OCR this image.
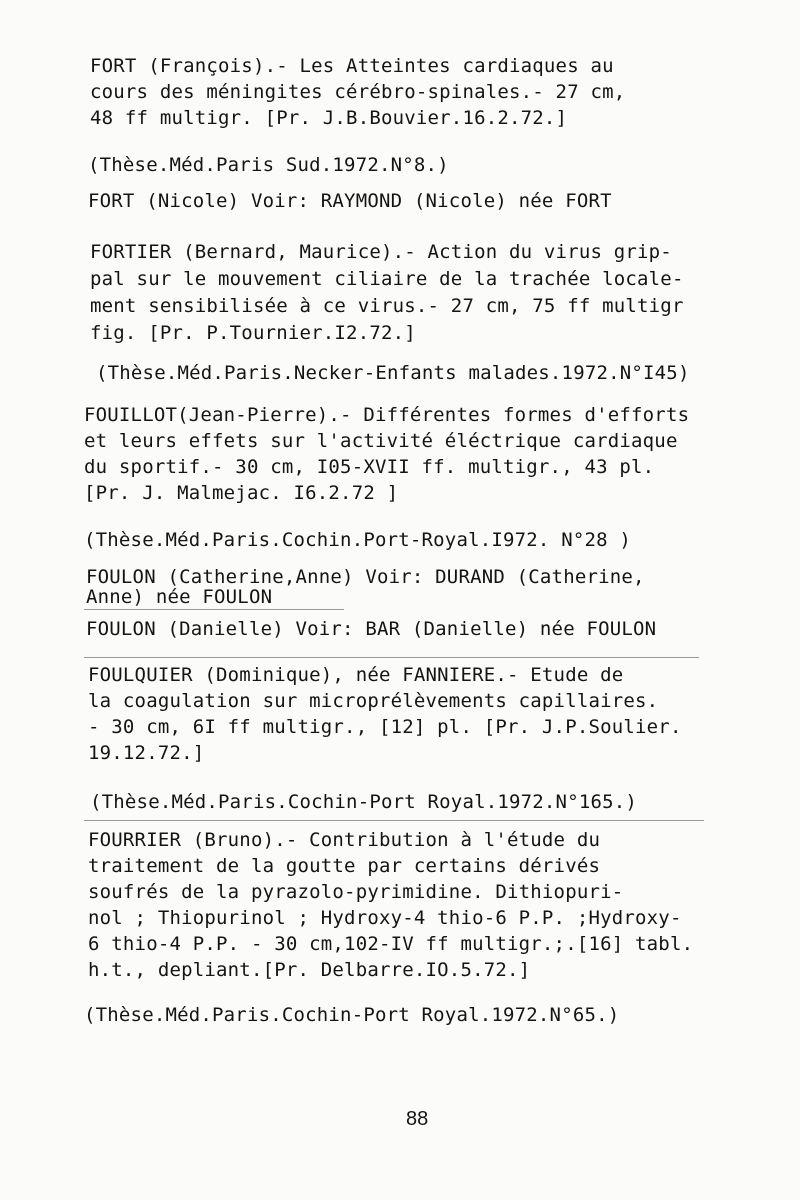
FORT (François).- Les Atteintes cardiaques au
cours des méningites cérébro-spinales.- 27 cm,
48 ff multigr. [Pr. J.B.Bouvier.16.2.72.]
(Thèse.Méd.Paris Sud.1972.N°8.)
FORT (Nicole) Voir: RAYMOND (Nicole) née FORT
FORTIER (Bernard, Maurice).- Action du virus grip-
pal sur le mouvement ciliaire de la trachée locale-
ment sensibilisée à ce virus.- 27 cm, 75 ff multigr
fig. [Pr. P.Tournier.I2.72.]
(Thèse.Méd.Paris.Necker-Enfants malades.1972.N°I45)
FOUILLOT(Jean-Pierre).- Différentes formes d'efforts
et leurs effets sur l'activité éléctrique cardiaque
du sportif.- 30 cm, I05-XVII ff. multigr., 43 pl.
[Pr. J. Malmejac. I6.2.72 ]
(Thèse.Méd.Paris.Cochin.Port-Royal.I972. N°28 )
FOULON (Catherine,Anne) Voir: DURAND (Catherine,
Anne) née FOULON
FOULON (Danielle) Voir: BAR (Danielle) née FOULON
FOULQUIER (Dominique), née FANNIERE.- Etude de
la coagulation sur microprélèvements capillaires.
- 30 cm, 6I ff multigr., [12] pl. [Pr. J.P.Soulier.
19.12.72.]
(Thèse.Méd.Paris.Cochin-Port Royal.1972.N°165.)
FOURRIER (Bruno).- Contribution à l'étude du
traitement de la goutte par certains dérivés
soufrés de la pyrazolo-pyrimidine. Dithiopuri-
nol ; Thiopurinol ; Hydroxy-4 thio-6 P.P. ;Hydroxy-
6 thio-4 P.P. - 30 cm,102-IV ff multigr.;.[16] tabl.
h.t., depliant.[Pr. Delbarre.IO.5.72.]
(Thèse.Méd.Paris.Cochin-Port Royal.1972.N°65.)
88
